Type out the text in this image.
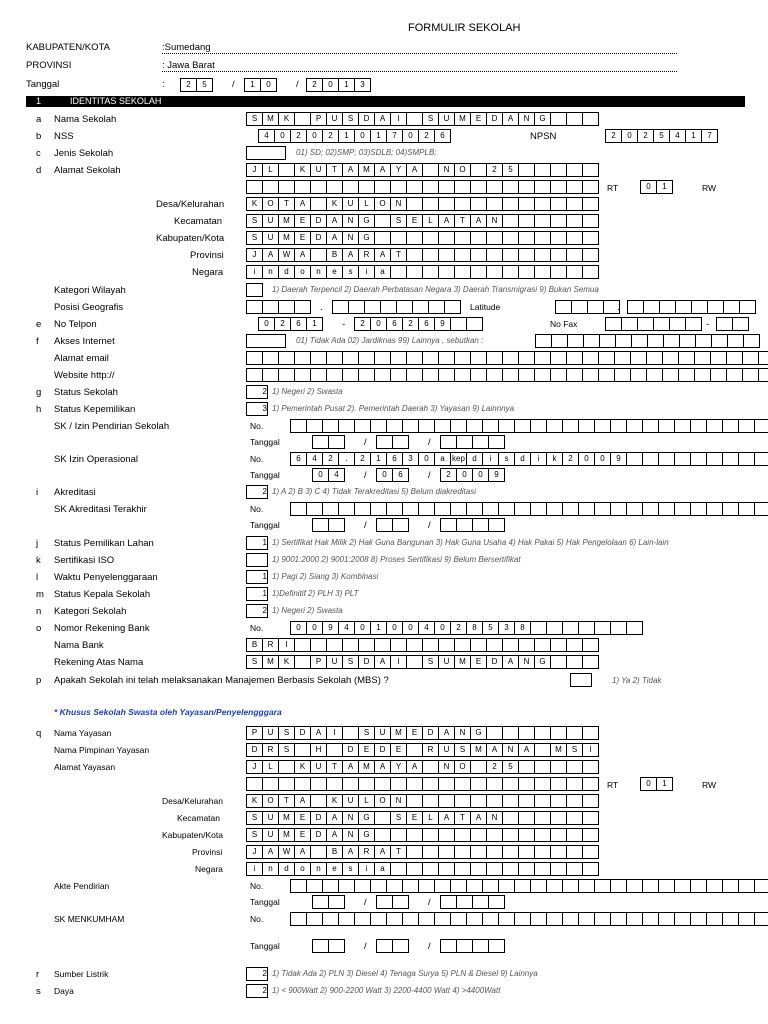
FORMULIR SEKOLAH
KABUPATEN/KOTA	:Sumedang
PROVINSI	: Jawa Barat
Tanggal	:	2	5	/	1	0	/	2	0	1	3
1	IDENTITAS SEKOLAH
a Nama Sekolah	S	M	K	P	U	S	D	A	I	S	U	M	E	D	A	N	G
b NSS	4	0	2	0	2	1	0	1	7	0	2	6	NPSN	2	0	2	5	4	1	7
c Jenis Sekolah	01) SD; 02)SMP; 03)SDLB; 04)SMPLB;
d Alamat Sekolah	J	L	K	U	T	A	M	A	Y	A	N	O	2	5
RT	0	1	RW
Desa/Kelurahan	K	O	T	A	K	U	L	O	N
Kecamatan	S	U	M	E	D	A	N	G	S	E	L	A	T	A	N
Kabupaten/Kota	S	U	M	E	D	A	N	G
Provinsi	J	A	W	A	B	A	R	A	T
Negara	i	n	d	o	n	e	s	i	a
Kategori Wilayah	1) Daerah Terpencil 2) Daerah Perbatasan Negara 3) Daerah Transmigrasi 9) Bukan Semua
Posisi Geografis	.	Latitude	.
e No Telpon	0	2	6	1	-	2	0	6	2	6	9	No Fax	-
f Akses Internet	01) Tidak Ada 02) Jardiknas 99) Lainnya , sebutkan :
Alamat email
Website http://
g Status Sekolah	2 1) Negeri 2) Swasta
h Status Kepemilikan	3 1) Pemerintah Pusat 2). Pemerintah Daerah 3) Yayasan 9) Lainnnya
SK / Izin Pendirian Sekolah	No.
Tanggal	/	/
SK Izin Operasional	No.	6	4	2	.	2	1	6	3	0	a kep d	i	s	d	i	k	2	0	0	9
Tanggal	0	4	/	0	6	/	2	0	0	9
i Akreditasi	2 1) A 2) B 3) C 4) Tidak Terakreditasi 5) Belum diakreditasi
SK Akreditasi Terakhir	No.
Tanggal	/	/
j Status Pemilikan Lahan	1 1) Sertifikat Hak Milik 2) Hak Guna Bangunan 3) Hak Guna Usaha 4) Hak Pakai 5) Hak Pengelolaan 6) Lain-lain
k Sertifikasi ISO	1) 9001:2000 2) 9001:2008 8) Proses Sertifikasi 9) Belum Bersertifikat
l Waktu Penyelenggaraan	1 1) Pagi 2) Siang 3) Kombinasi
m Status Kepala Sekolah	1 1)Definitif 2) PLH 3) PLT
n Kategori Sekolah	2 1) Negeri 2) Swasta
o Nomor Rekening Bank	No.	0	0	9	4	0	1	0	0	4	0	2	8	5	3	8
Nama Bank	B	R	I
Rekening Atas Nama	S	M	K	P	U	S	D	A	I	S	U	M	E	D	A	N	G
p Apakah Sekolah ini telah melaksanakan Manajemen Berbasis Sekolah (MBS) ?	1) Ya 2) Tidak
* Khusus Sekolah Swasta oleh Yayasan/Penyelengggara
q Nama Yayasan	P	U	S	D	A	I	S	U	M	E	D	A	N	G
Nama Pimpinan Yayasan	D	R	S	H	D	E	D	E	R	U	S	M	A	N	A	M	S	I
Alamat Yayasan	J	L	K	U	T	A	M	A	Y	A	N	O	2	5
RT	0	1	RW
Desa/Kelurahan	K	O	T	A	K	U	L	O	N
Kecamatan	S	U	M	E	D	A	N	G	S	E	L	A	T	A	N
Kabupaten/Kota	S	U	M	E	D	A	N	G
Provinsi	J	A	W	A	B	A	R	A	T
Negara	i	n	d	o	n	e	s	i	a
Akte Pendirian	No.
Tanggal	/	/
SK MENKUMHAM	No.
Tanggal	/	/
r Sumber Listrik	2 1) Tidak Ada 2) PLN 3) Diesel 4) Tenaga Surya 5) PLN & Diesel 9) Lainnya
s Daya	2 1) < 900Watt 2) 900-2200 Watt 3) 2200-4400 Watt 4) >4400Watt
